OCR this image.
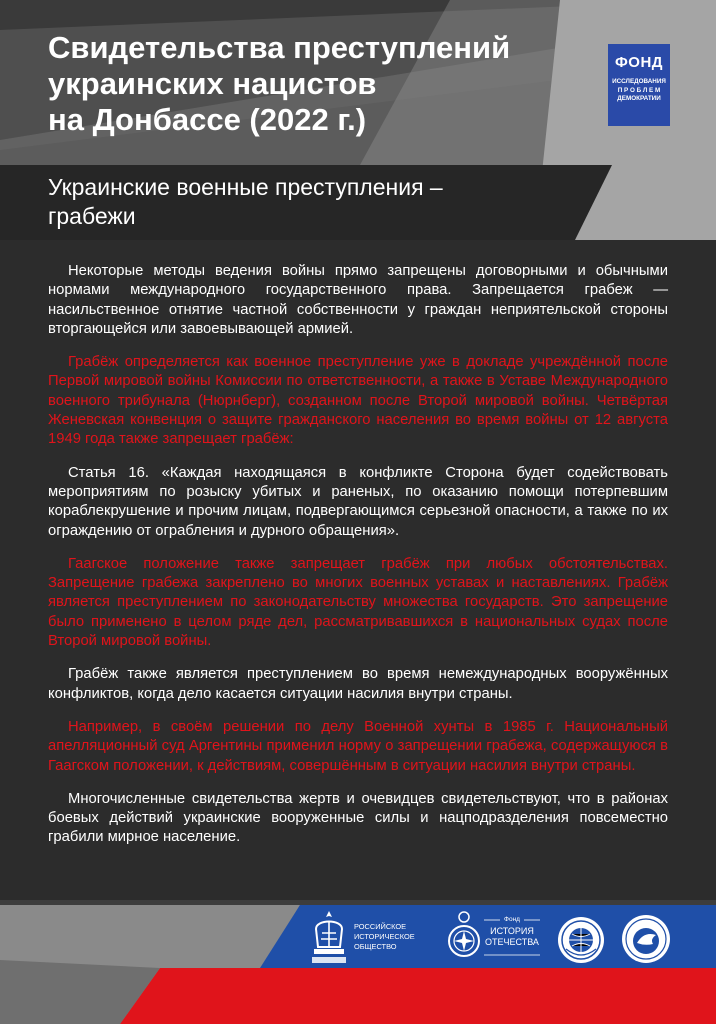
Свидетельства преступлений
украинских нацистов
на Донбассе (2022 г.)
ФОНД
ИССЛЕДОВАНИЯ
П Р О Б Л Е М
ДЕМОКРАТИИ
Украинские военные преступления –
грабежи

Некоторые методы ведения войны прямо запрещены договорными и обычными нормами международного государственного права. Запрещается грабеж — насильственное отнятие частной собственности у граждан неприятельской стороны вторгающейся или завоевывающей армией.

Грабёж определяется как военное преступление уже в докладе учреждённой после Первой мировой войны Комиссии по ответственности, а также в Уставе Международного военного трибунала (Нюрнберг), созданном после Второй мировой войны. Четвёртая Женевская конвенция о защите гражданского населения во время войны от 12 августа 1949 года также запрещает грабёж:

Статья 16. «Каждая находящаяся в конфликте Сторона будет содействовать мероприятиям по розыску убитых и раненых, по оказанию помощи потерпевшим кораблекрушение и прочим лицам, подвергающимся серьезной опасности, а также по их ограждению от ограбления и дурного обращения».

Гаагское положение также запрещает грабёж при любых обстоятельствах. Запрещение грабежа закреплено во многих военных уставах и наставлениях. Грабёж является преступлением по законодательству множества государств. Это запрещение было применено в целом ряде дел, рассматривавшихся в национальных судах после Второй мировой войны.

Грабёж также является преступлением во время немеждународных вооружённых конфликтов, когда дело касается ситуации насилия внутри страны.

Например, в своём решении по делу Военной хунты в 1985 г. Национальный апелляционный суд Аргентины применил норму о запрещении грабежа, содержащуюся в Гаагском положении, к действиям, совершённым в ситуации насилия внутри страны.

Многочисленные свидетельства жертв и очевидцев свидетельствуют, что в районах боевых действий украинские вооруженные силы и нацподразделения повсеместно грабили мирное население.

РОССИЙСКОЕ
ИСТОРИЧЕСКОЕ
ОБЩЕСТВО
Фонд
ИСТОРИЯ
ОТЕЧЕСТВА
